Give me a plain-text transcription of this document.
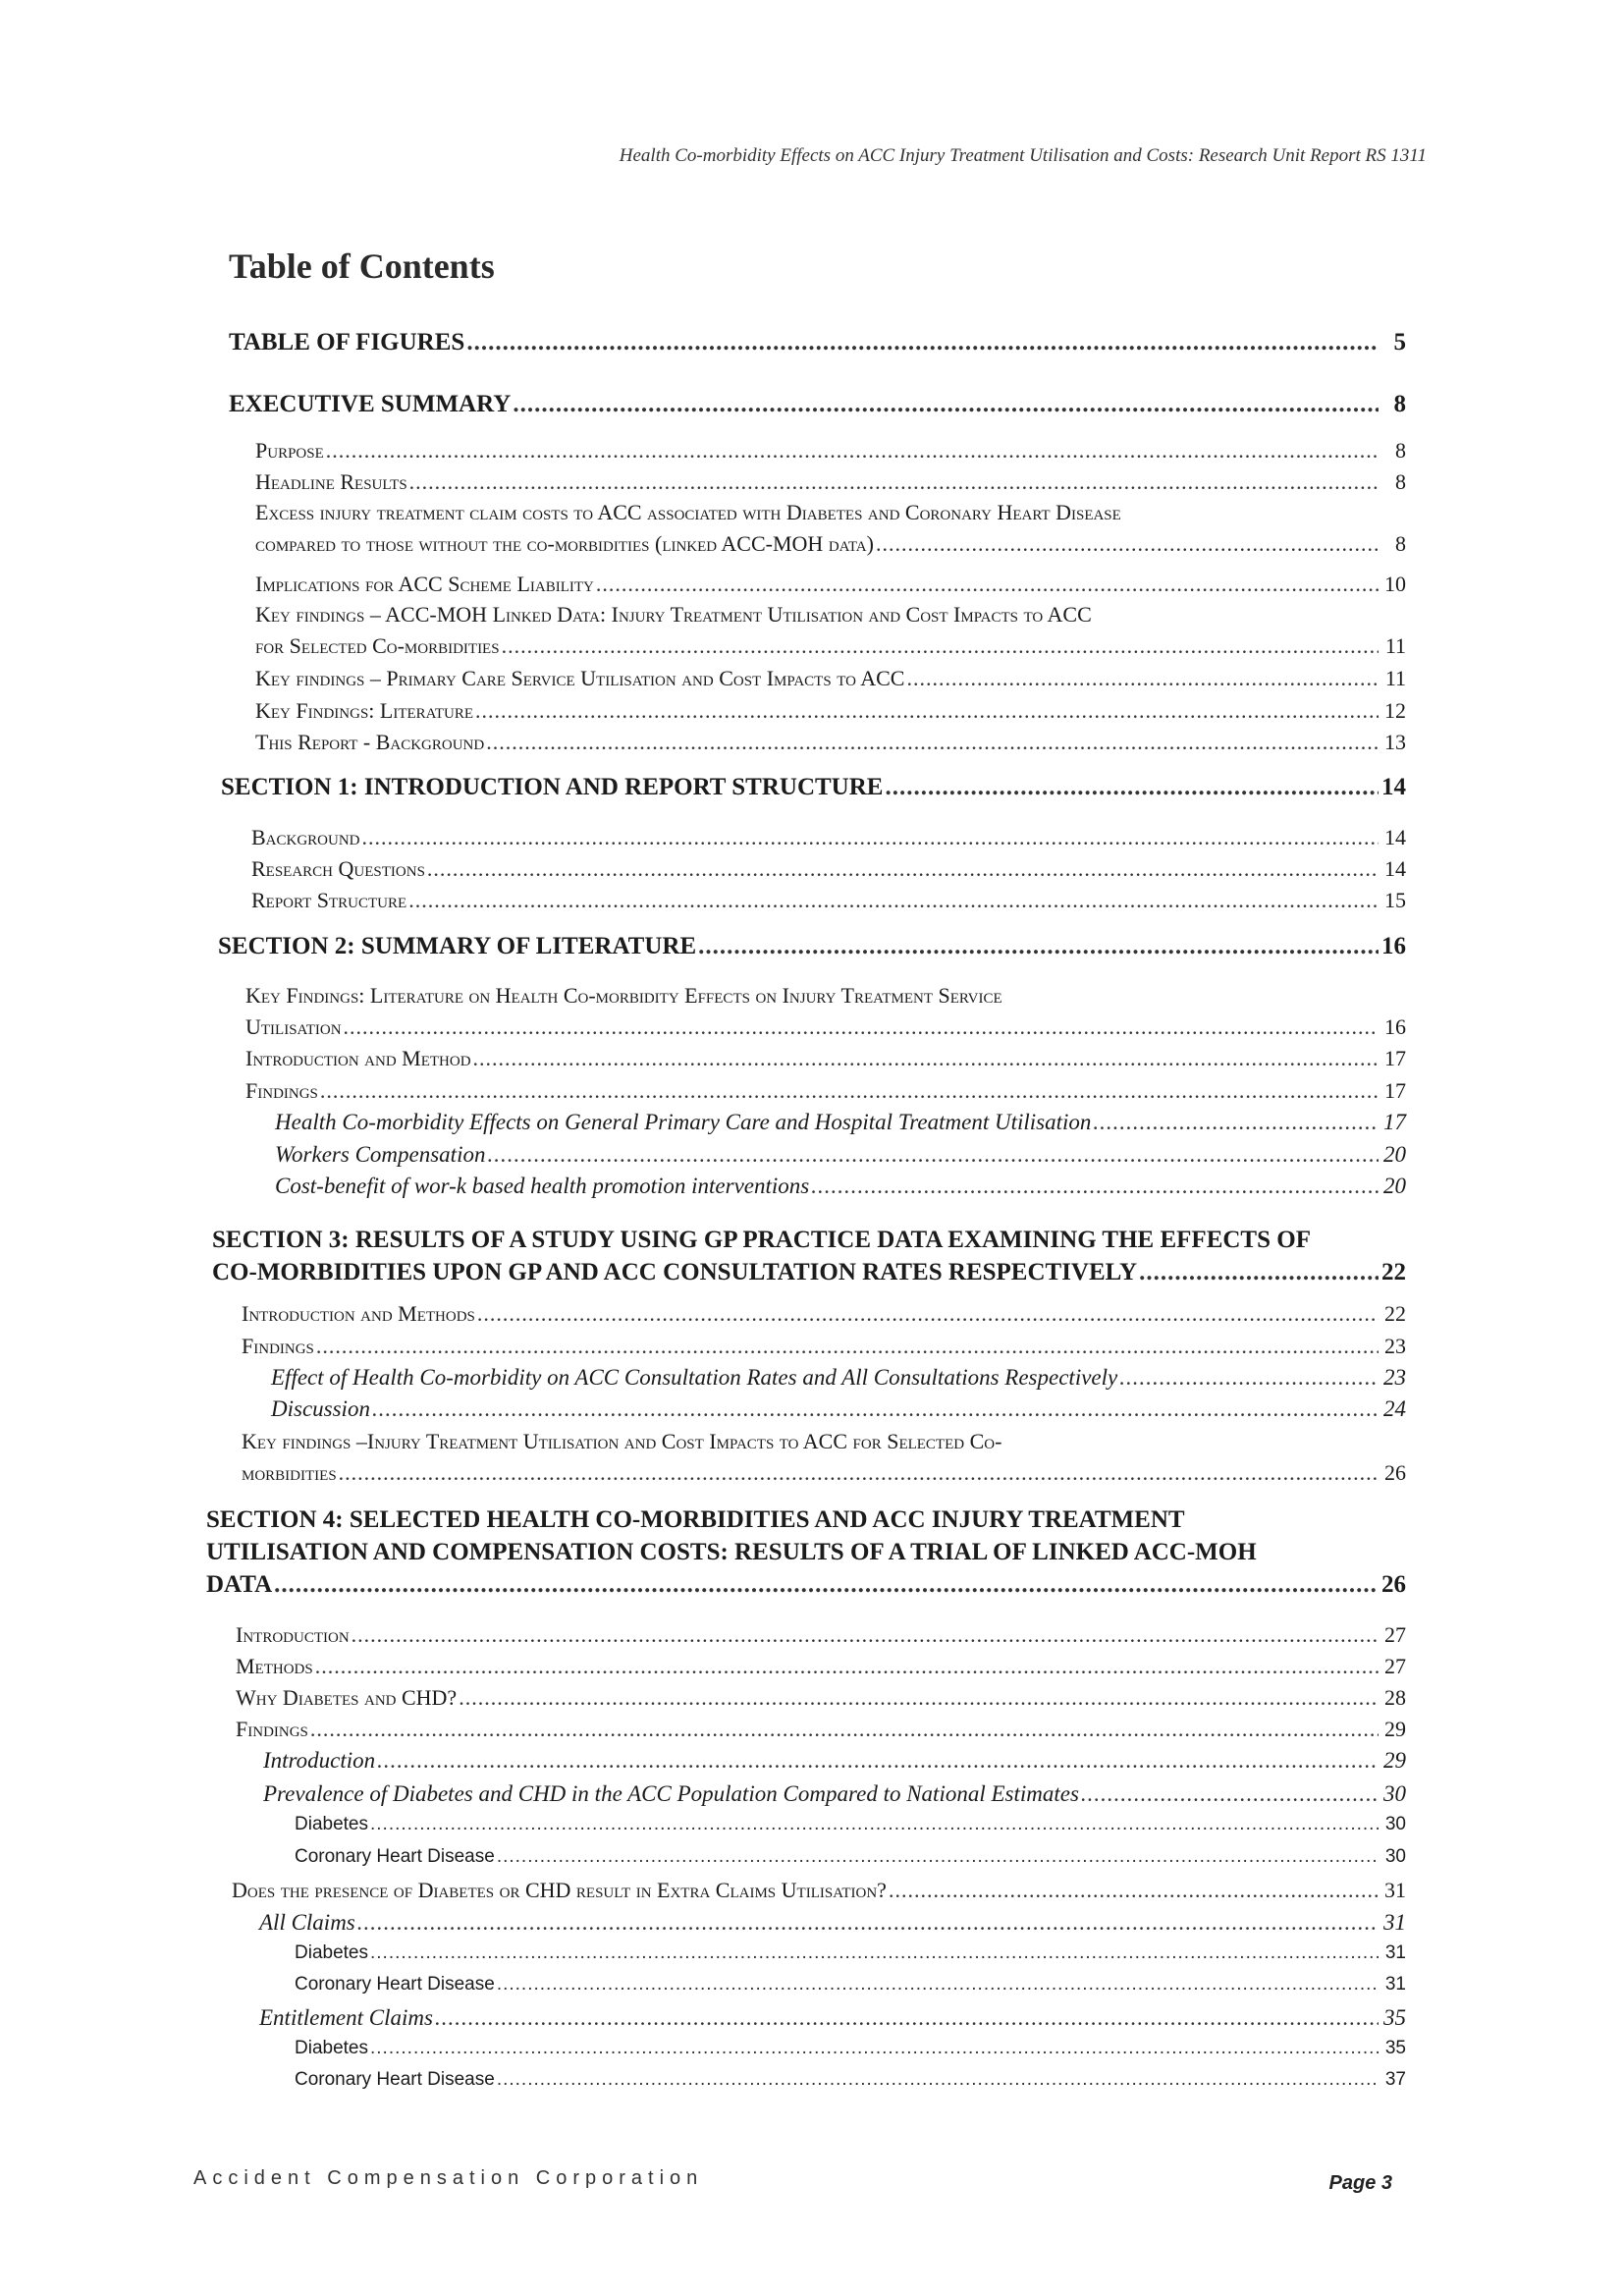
Health Co-morbidity Effects on ACC Injury Treatment Utilisation and Costs: Research Unit Report RS 1311
Table of Contents
TABLE OF FIGURES .....	5
EXECUTIVE SUMMARY .....	8
Purpose .....	8
Headline Results .....	8
Excess injury treatment claim costs to ACC associated with Diabetes and Coronary Heart Disease
compared to those without the co-morbidities (linked ACC-MOH data) .....	8
Implications for ACC Scheme Liability .....	10
Key findings – ACC-MOH Linked Data: Injury Treatment Utilisation and Cost Impacts to ACC
for Selected Co-morbidities .....	11
Key findings – Primary Care Service Utilisation and Cost Impacts to ACC .....	11
Key Findings: Literature .....	12
This Report - Background .....	13
SECTION 1: INTRODUCTION AND REPORT STRUCTURE .....	14
Background .....	14
Research Questions .....	14
Report Structure .....	15
SECTION 2: SUMMARY OF LITERATURE .....	16
Key Findings: Literature on Health Co-morbidity Effects on Injury Treatment Service
Utilisation .....	16
Introduction and Method .....	17
Findings .....	17
Health Co-morbidity Effects on General Primary Care and Hospital Treatment Utilisation .....	17
Workers Compensation .....	20
Cost-benefit of wor-k based health promotion interventions .....	20
SECTION 3: RESULTS OF A STUDY USING GP PRACTICE DATA EXAMINING THE EFFECTS OF
CO-MORBIDITIES UPON GP AND ACC CONSULTATION RATES RESPECTIVELY .....	22
Introduction and Methods .....	22
Findings .....	23
Effect of Health Co-morbidity on ACC Consultation Rates and All Consultations Respectively .....	23
Discussion .....	24
Key findings –Injury Treatment Utilisation and Cost Impacts to ACC for Selected Co-
morbidities .....	26
SECTION 4: SELECTED HEALTH CO-MORBIDITIES AND ACC INJURY TREATMENT
UTILISATION AND COMPENSATION COSTS: RESULTS OF A TRIAL OF LINKED ACC-MOH
DATA .....	26
Introduction .....	27
Methods .....	27
Why Diabetes and CHD? .....	28
Findings .....	29
Introduction .....	29
Prevalence of Diabetes and CHD in the ACC Population Compared to National Estimates .....	30
Diabetes .....	30
Coronary Heart Disease .....	30
Does the presence of Diabetes or CHD result in Extra Claims Utilisation? .....	31
All Claims .....	31
Diabetes .....	31
Coronary Heart Disease .....	31
Entitlement Claims .....	35
Diabetes .....	35
Coronary Heart Disease .....	37
Accident Compensation Corporation	Page 3
